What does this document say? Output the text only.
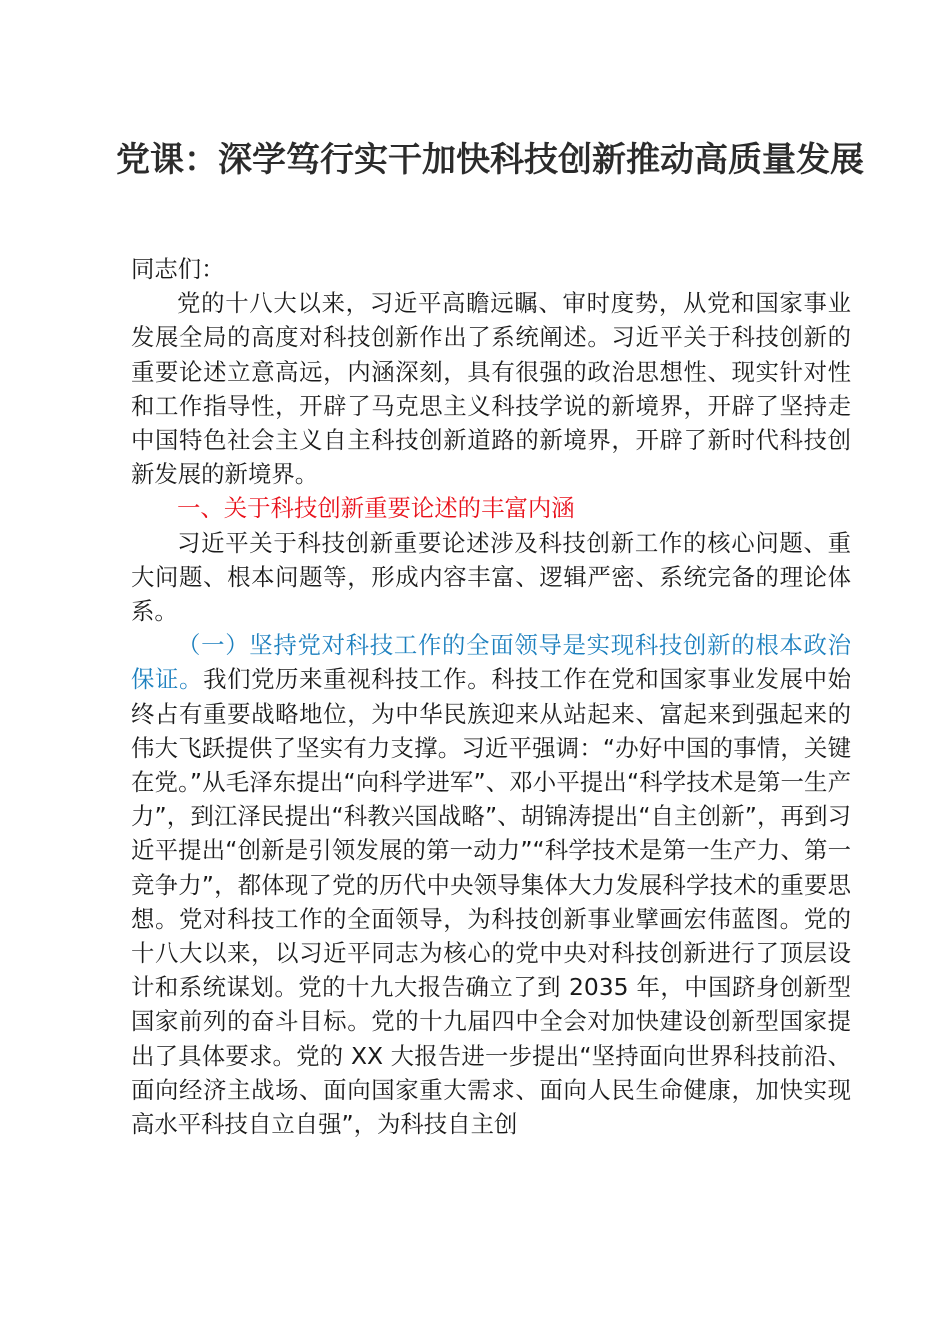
党课：深学笃行实干加快科技创新推动高质量发展

同志们：

党的十八大以来，习近平高瞻远瞩、审时度势，从党和国家事业发展全局的高度对科技创新作出了系统阐述。习近平关于科技创新的重要论述立意高远，内涵深刻，具有很强的政治思想性、现实针对性和工作指导性，开辟了马克思主义科技学说的新境界，开辟了坚持走中国特色社会主义自主科技创新道路的新境界，开辟了新时代科技创新发展的新境界。

一、关于科技创新重要论述的丰富内涵

习近平关于科技创新重要论述涉及科技创新工作的核心问题、重大问题、根本问题等，形成内容丰富、逻辑严密、系统完备的理论体系。

（一）坚持党对科技工作的全面领导是实现科技创新的根本政治保证。我们党历来重视科技工作。科技工作在党和国家事业发展中始终占有重要战略地位，为中华民族迎来从站起来、富起来到强起来的伟大飞跃提供了坚实有力支撑。习近平强调：“办好中国的事情，关键在党。”从毛泽东提出“向科学进军”、邓小平提出“科学技术是第一生产力”，到江泽民提出“科教兴国战略”、胡锦涛提出“自主创新”，再到习近平提出“创新是引领发展的第一动力”“科学技术是第一生产力、第一竞争力”，都体现了党的历代中央领导集体大力发展科学技术的重要思想。党对科技工作的全面领导，为科技创新事业擘画宏伟蓝图。党的十八大以来，以习近平同志为核心的党中央对科技创新进行了顶层设计和系统谋划。党的十九大报告确立了到 2035 年，中国跻身创新型国家前列的奋斗目标。党的十九届四中全会对加快建设创新型国家提出了具体要求。党的 XX 大报告进一步提出“坚持面向世界科技前沿、面向经济主战场、面向国家重大需求、面向人民生命健康，加快实现高水平科技自立自强”，为科技自主创
